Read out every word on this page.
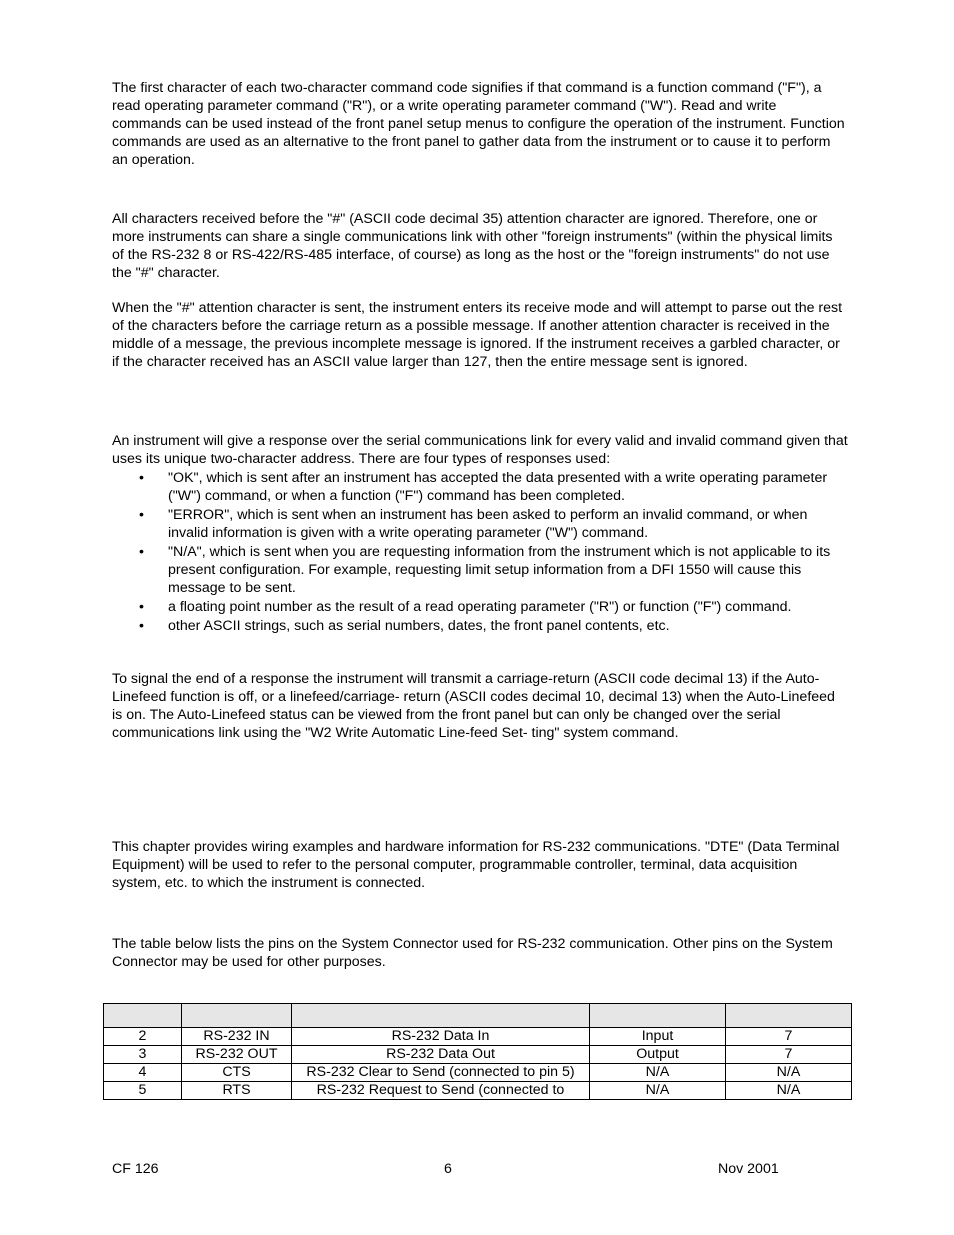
The first character of each two-character command code signifies if that command is a function command ("F"), a read operating parameter command ("R"), or a write operating parameter command ("W"). Read and write commands can be used instead of the front panel setup menus to configure the operation of the instrument. Function commands are used as an alternative to the front panel to gather data from the instrument or to cause it to perform an operation.

All characters received before the "#" (ASCII code decimal 35) attention character are ignored. Therefore, one or more instruments can share a single communications link with other "foreign instruments" (within the physical limits of the RS-232 8 or RS-422/RS-485 interface, of course) as long as the host or the "foreign instruments" do not use the "#" character.

When the "#" attention character is sent, the instrument enters its receive mode and will attempt to parse out the rest of the characters before the carriage return as a possible message. If another attention character is received in the middle of a message, the previous incomplete message is ignored. If the instrument receives a garbled character, or if the character received has an ASCII value larger than 127, then the entire message sent is ignored.

An instrument will give a response over the serial communications link for every valid and invalid command given that uses its unique two-character address. There are four types of responses used:

• "OK", which is sent after an instrument has accepted the data presented with a write operating parameter ("W") command, or when a function ("F") command has been completed.
• "ERROR", which is sent when an instrument has been asked to perform an invalid command, or when invalid information is given with a write operating parameter ("W") command.
• "N/A", which is sent when you are requesting information from the instrument which is not applicable to its present configuration. For example, requesting limit setup information from a DFI 1550 will cause this message to be sent.
• a floating point number as the result of a read operating parameter ("R") or function ("F") command.
• other ASCII strings, such as serial numbers, dates, the front panel contents, etc.

To signal the end of a response the instrument will transmit a carriage-return (ASCII code decimal 13) if the Auto-Linefeed function is off, or a linefeed/carriage- return (ASCII codes decimal 10, decimal 13) when the Auto-Linefeed is on. The Auto-Linefeed status can be viewed from the front panel but can only be changed over the serial communications link using the "W2 Write Automatic Line-feed Set- ting" system command.

This chapter provides wiring examples and hardware information for RS-232 communications. "DTE" (Data Terminal Equipment) will be used to refer to the personal computer, programmable controller, terminal, data acquisition system, etc. to which the instrument is connected.

The table below lists the pins on the System Connector used for RS-232 communication. Other pins on the System Connector may be used for other purposes.

2	RS-232 IN	RS-232 Data In	Input	7
3	RS-232 OUT	RS-232 Data Out	Output	7
4	CTS	RS-232 Clear to Send (connected to pin 5)	N/A	N/A
5	RTS	RS-232 Request to Send (connected to	N/A	N/A
CF 126	6	Nov 2001
